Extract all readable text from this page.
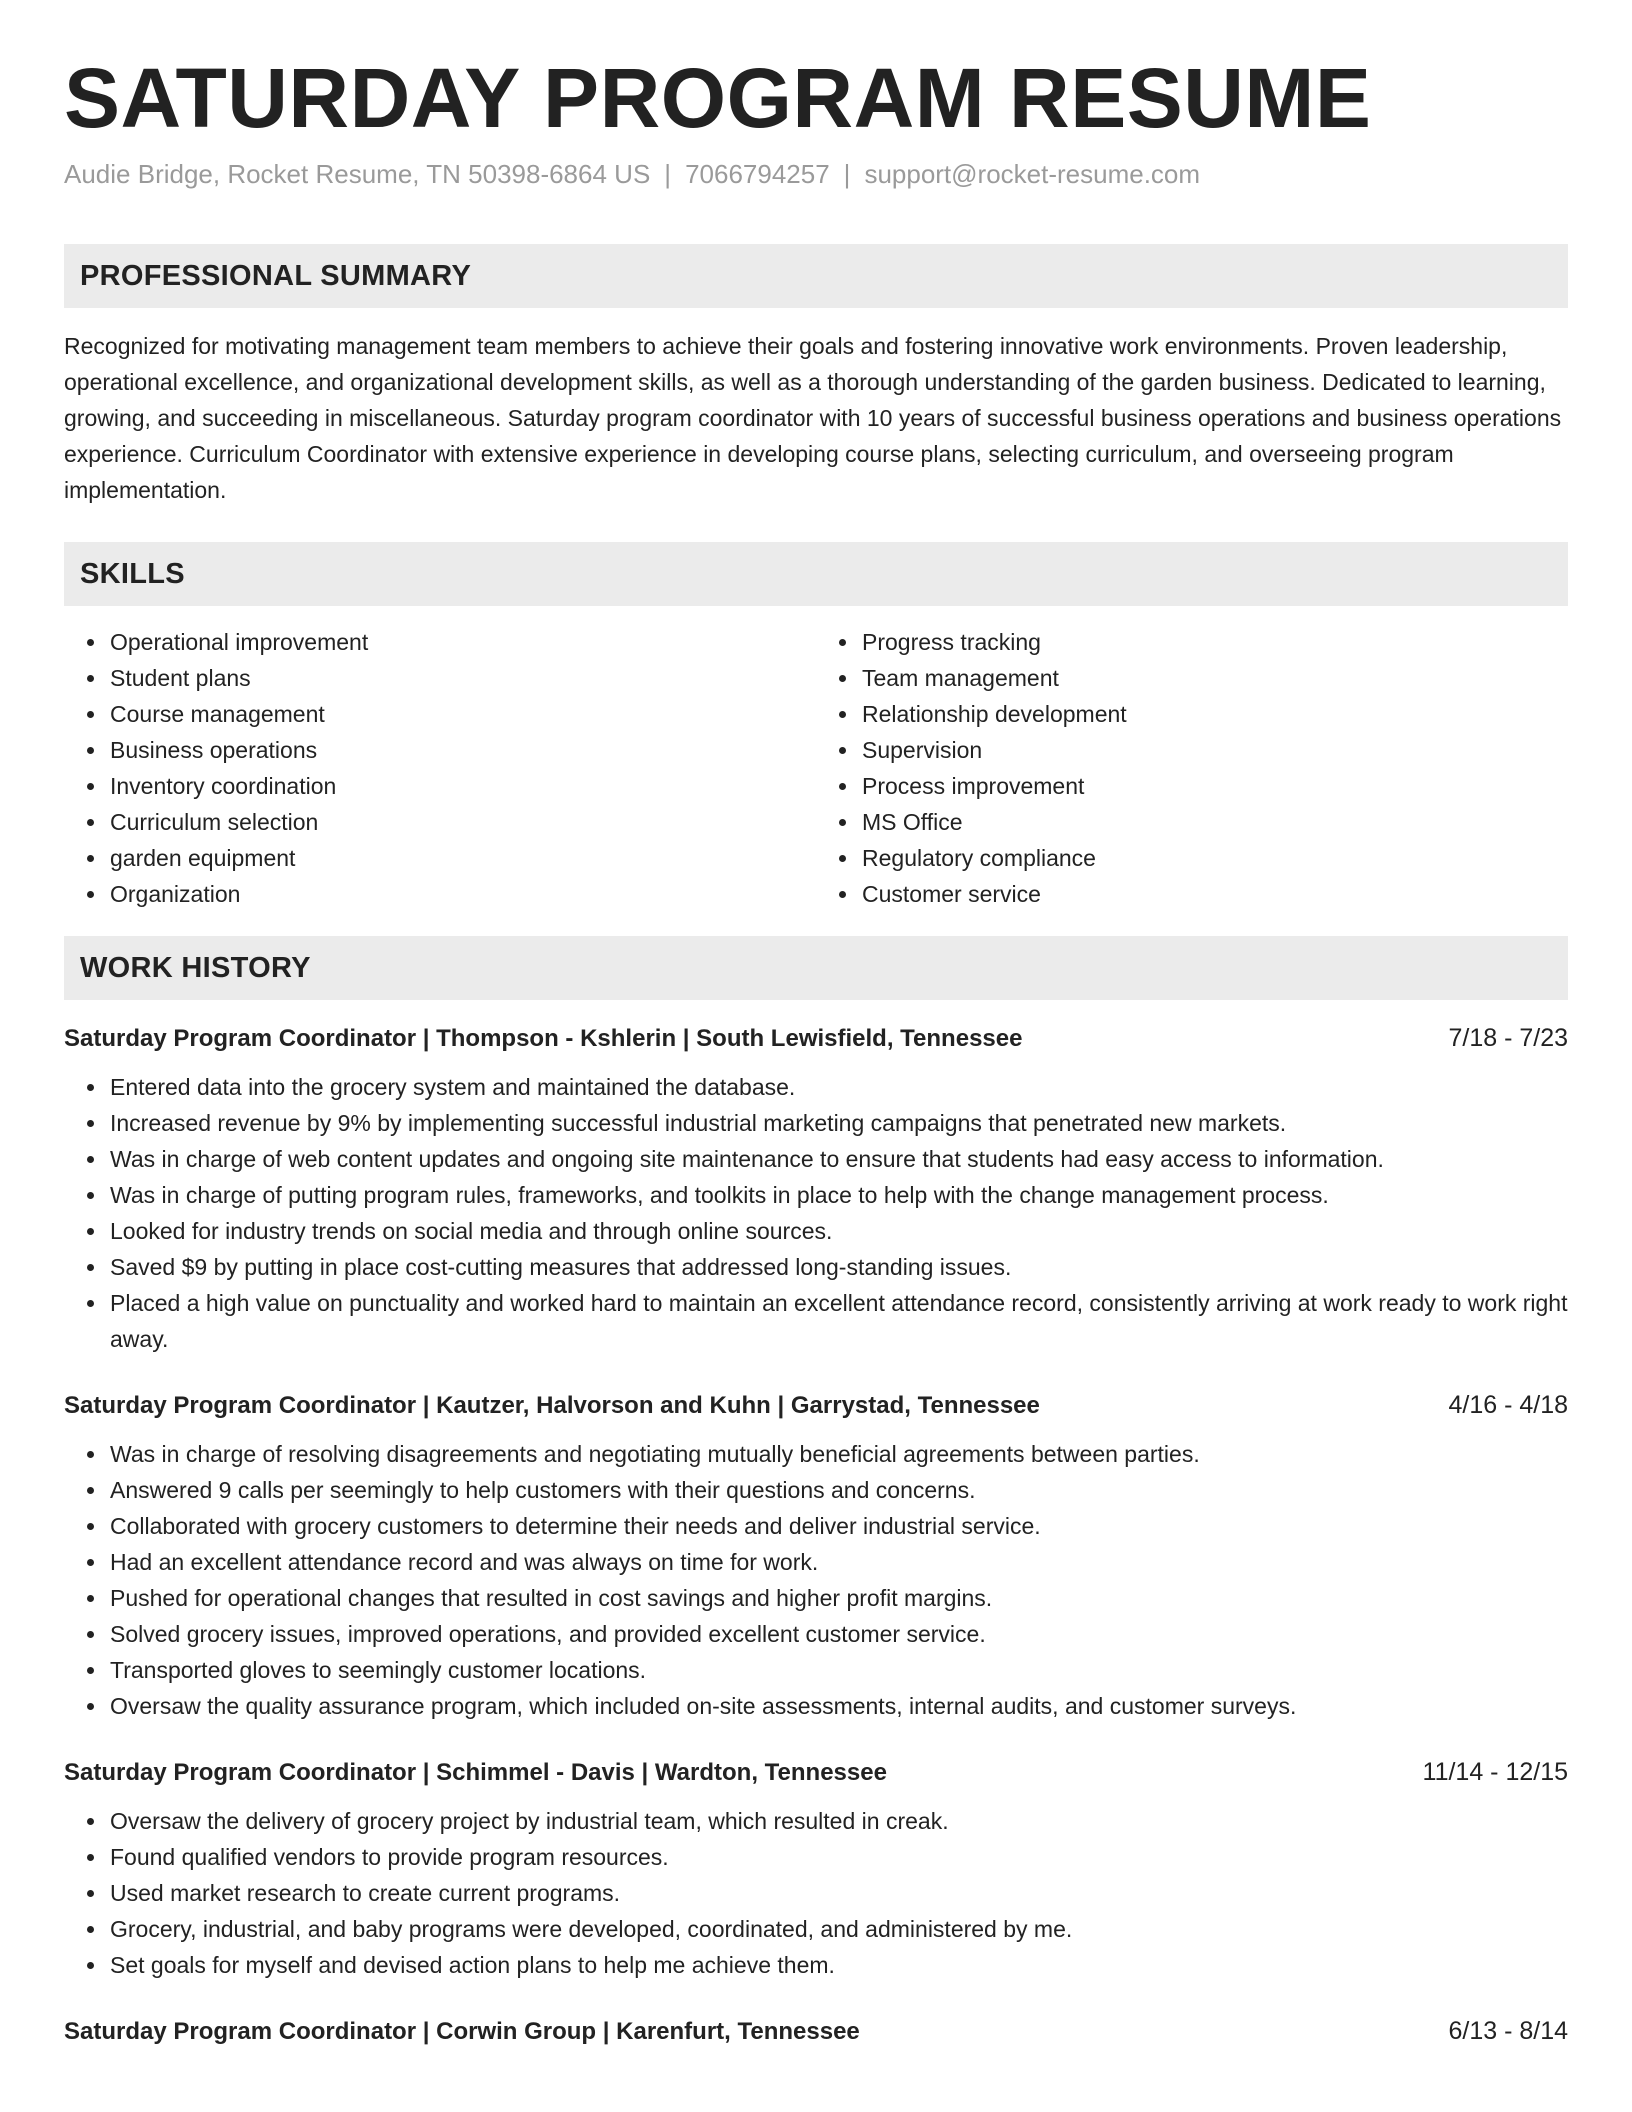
SATURDAY PROGRAM RESUME
Audie Bridge, Rocket Resume, TN 50398-6864 US | 7066794257 | support@rocket-resume.com
PROFESSIONAL SUMMARY
Recognized for motivating management team members to achieve their goals and fostering innovative work environments. Proven leadership, operational excellence, and organizational development skills, as well as a thorough understanding of the garden business. Dedicated to learning, growing, and succeeding in miscellaneous. Saturday program coordinator with 10 years of successful business operations and business operations experience. Curriculum Coordinator with extensive experience in developing course plans, selecting curriculum, and overseeing program implementation.
SKILLS
• Operational improvement
• Student plans
• Course management
• Business operations
• Inventory coordination
• Curriculum selection
• garden equipment
• Organization
• Progress tracking
• Team management
• Relationship development
• Supervision
• Process improvement
• MS Office
• Regulatory compliance
• Customer service
WORK HISTORY
Saturday Program Coordinator | Thompson - Kshlerin | South Lewisfield, Tennessee	7/18 - 7/23
• Entered data into the grocery system and maintained the database.
• Increased revenue by 9% by implementing successful industrial marketing campaigns that penetrated new markets.
• Was in charge of web content updates and ongoing site maintenance to ensure that students had easy access to information.
• Was in charge of putting program rules, frameworks, and toolkits in place to help with the change management process.
• Looked for industry trends on social media and through online sources.
• Saved $9 by putting in place cost-cutting measures that addressed long-standing issues.
• Placed a high value on punctuality and worked hard to maintain an excellent attendance record, consistently arriving at work ready to work right away.
Saturday Program Coordinator | Kautzer, Halvorson and Kuhn | Garrystad, Tennessee	4/16 - 4/18
• Was in charge of resolving disagreements and negotiating mutually beneficial agreements between parties.
• Answered 9 calls per seemingly to help customers with their questions and concerns.
• Collaborated with grocery customers to determine their needs and deliver industrial service.
• Had an excellent attendance record and was always on time for work.
• Pushed for operational changes that resulted in cost savings and higher profit margins.
• Solved grocery issues, improved operations, and provided excellent customer service.
• Transported gloves to seemingly customer locations.
• Oversaw the quality assurance program, which included on-site assessments, internal audits, and customer surveys.
Saturday Program Coordinator | Schimmel - Davis | Wardton, Tennessee	11/14 - 12/15
• Oversaw the delivery of grocery project by industrial team, which resulted in creak.
• Found qualified vendors to provide program resources.
• Used market research to create current programs.
• Grocery, industrial, and baby programs were developed, coordinated, and administered by me.
• Set goals for myself and devised action plans to help me achieve them.
Saturday Program Coordinator | Corwin Group | Karenfurt, Tennessee	6/13 - 8/14
